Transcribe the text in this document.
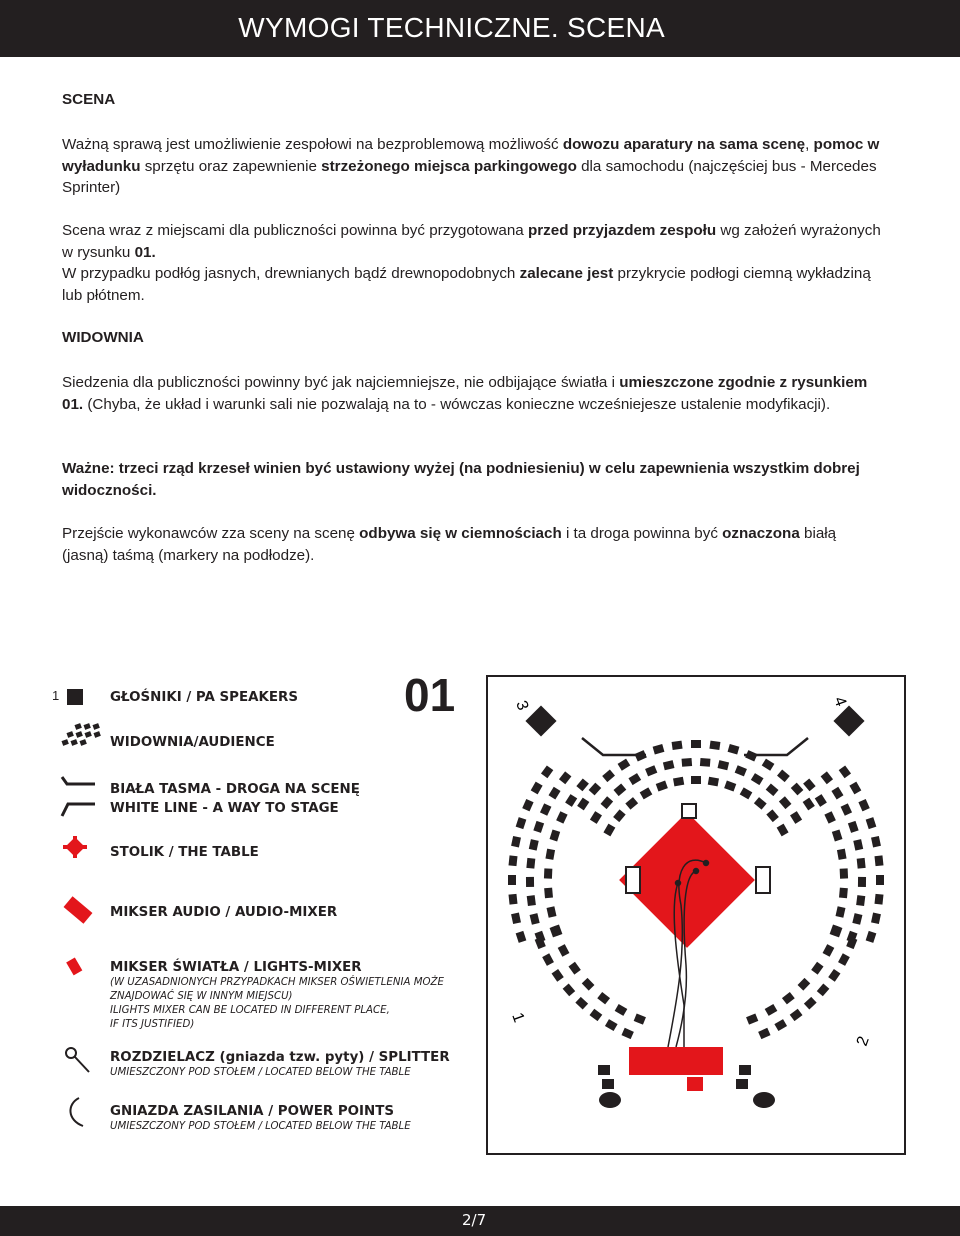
WYMOGI TECHNICZNE. SCENA
SCENA
Ważną sprawą jest umożliwienie zespołowi na bezproblemową możliwość dowozu aparatury na sama scenę, pomoc w wyładunku sprzętu oraz zapewnienie strzeżonego miejsca parkingowego dla samochodu (najczęściej bus - Mercedes Sprinter)
Scena wraz z miejscami dla publiczności powinna być przygotowana przed przyjazdem zespołu wg założeń wyrażonych w rysunku 01.
W przypadku podłóg jasnych, drewnianych bądź drewnopodobnych zalecane jest przykrycie podłogi ciemną wykładziną lub płótnem.
WIDOWNIA
Siedzenia dla publiczności powinny być jak najciemniejsze, nie odbijające światła i umieszczone zgodnie z rysunkiem 01. (Chyba, że układ i warunki sali nie pozwalają na to - wówczas konieczne wcześniejesze ustalenie modyfikacji).
Ważne: trzeci rząd krzeseł winien być ustawiony wyżej (na podniesieniu) w celu zapewnienia wszystkim dobrej widoczności.
Przejście wykonawców zza sceny na scenę odbywa się w ciemnościach i ta droga powinna być oznaczona białą (jasną) taśmą (markery na podłodze).
1	GŁOŚNIKI / PA SPEAKERS
WIDOWNIA/AUDIENCE
BIAŁA TASMA - DROGA NA SCENĘ
WHITE LINE - A WAY TO STAGE
STOLIK / THE TABLE
MIKSER AUDIO / AUDIO-MIXER
MIKSER ŚWIATŁA / LIGHTS-MIXER
(W UZASADNIONYCH PRZYPADKACH MIKSER OŚWIETLENIA MOŻE
ZNAJDOWAĆ SIĘ W INNYM MIEJSCU)
ILIGHTS MIXER CAN BE LOCATED IN DIFFERENT PLACE,
IF ITS JUSTIFIED)
ROZDZIELACZ (gniazda tzw. pyty) / SPLITTER
UMIESZCZONY POD STOŁEM / LOCATED BELOW THE TABLE
GNIAZDA ZASILANIA / POWER POINTS
UMIESZCZONY POD STOŁEM / LOCATED BELOW THE TABLE
01	3	4
1
2
2/7
